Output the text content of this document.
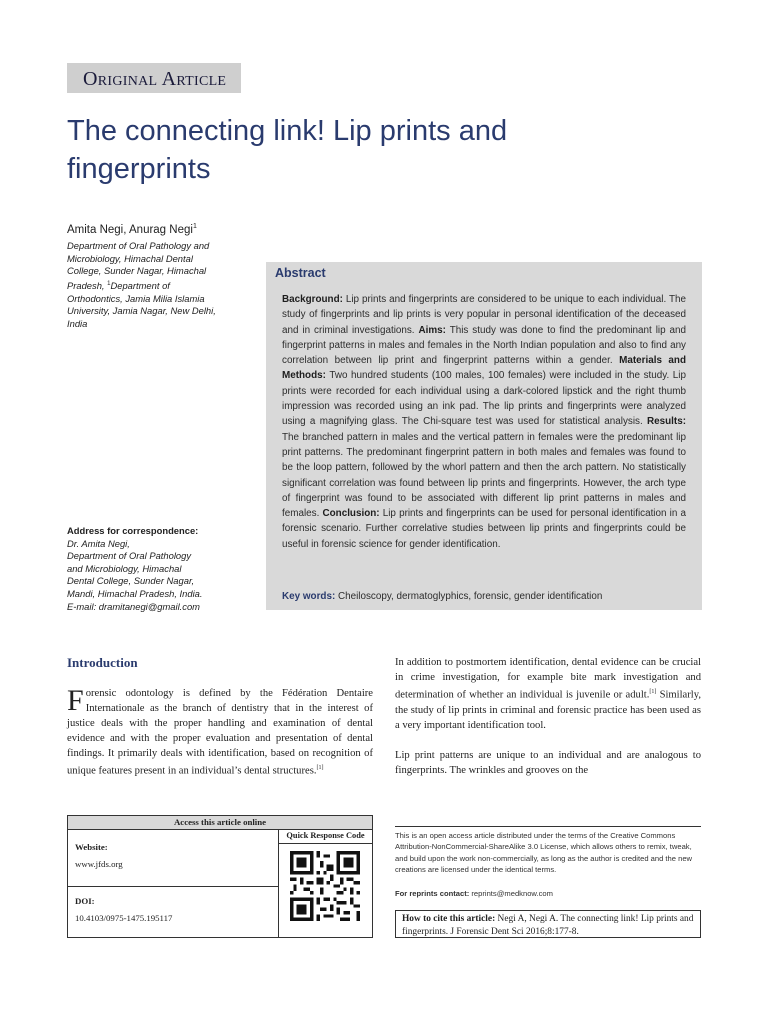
Original Article
The connecting link! Lip prints and fingerprints
Amita Negi, Anurag Negi$^1$
Department of Oral Pathology and Microbiology, Himachal Dental College, Sunder Nagar, Himachal Pradesh, $^1$Department of Orthodontics, Jamia Milia Islamia University, Jamia Nagar, New Delhi, India
Address for correspondence:
Dr. Amita Negi,
Department of Oral Pathology
and Microbiology, Himachal
Dental College, Sunder Nagar,
Mandi, Himachal Pradesh, India.
E-mail: dramitanegi@gmail.com
Abstract
Background: Lip prints and fingerprints are considered to be unique to each individual. The study of fingerprints and lip prints is very popular in personal identification of the deceased and in criminal investigations. Aims: This study was done to find the predominant lip and fingerprint patterns in males and females in the North Indian population and also to find any correlation between lip print and fingerprint patterns within a gender. Materials and Methods: Two hundred students (100 males, 100 females) were included in the study. Lip prints were recorded for each individual using a dark-colored lipstick and the right thumb impression was recorded using an ink pad. The lip prints and fingerprints were analyzed using a magnifying glass. The Chi-square test was used for statistical analysis. Results: The branched pattern in males and the vertical pattern in females were the predominant lip print patterns. The predominant fingerprint pattern in both males and females was found to be the loop pattern, followed by the whorl pattern and then the arch pattern. No statistically significant correlation was found between lip prints and fingerprints. However, the arch type of fingerprint was found to be associated with different lip print patterns in males and females. Conclusion: Lip prints and fingerprints can be used for personal identification in a forensic scenario. Further correlative studies between lip prints and fingerprints could be useful in forensic science for gender identification.
Key words: Cheiloscopy, dermatoglyphics, forensic, gender identification
Introduction
Forensic odontology is defined by the Fédération Dentaire Internationale as the branch of dentistry that in the interest of justice deals with the proper handling and examination of dental evidence and with the proper evaluation and presentation of dental findings. It primarily deals with identification, based on recognition of unique features present in an individual’s dental structures.[1]

In addition to postmortem identification, dental evidence can be crucial in crime investigation, for example bite mark investigation and determination of whether an individual is juvenile or adult.[1] Similarly, the study of lip prints in criminal and forensic practice has been used as a very important identification tool.

Lip print patterns are unique to an individual and are analogous to fingerprints. The wrinkles and grooves on the

Access this article online
Website:
www.jfds.org
DOI:
10.4103/0975-1475.195117
Quick Response Code	This is an open access article distributed under the terms of the Creative Commons Attribution-NonCommercial-ShareAlike 3.0 License, which allows others to remix, tweak, and build upon the work non-commercially, as long as the author is credited and the new creations are licensed under the identical terms.
For reprints contact: reprints@medknow.com
How to cite this article: Negi A, Negi A. The connecting link! Lip prints and fingerprints. J Forensic Dent Sci 2016;8:177-8.
